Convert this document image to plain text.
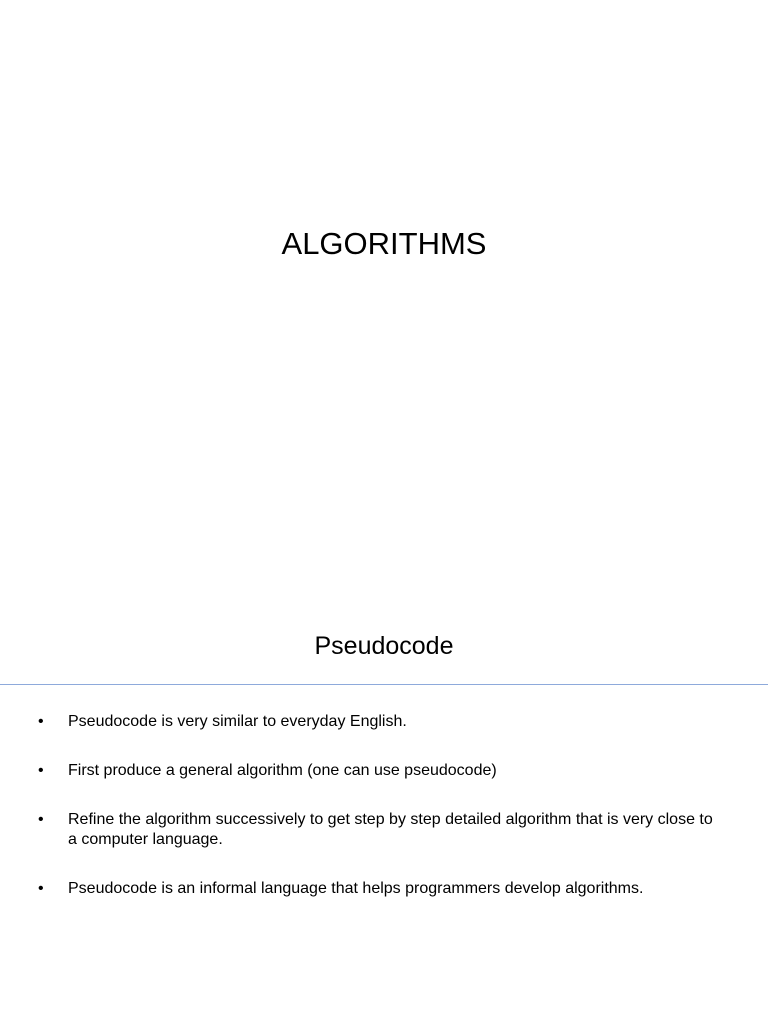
ALGORITHMS
Pseudocode
• Pseudocode is very similar to everyday English.
• First produce a general algorithm (one can use pseudocode)
• Refine the algorithm successively to get step by step detailed algorithm that is very close to a computer language.
• Pseudocode is an informal language that helps programmers develop algorithms.
